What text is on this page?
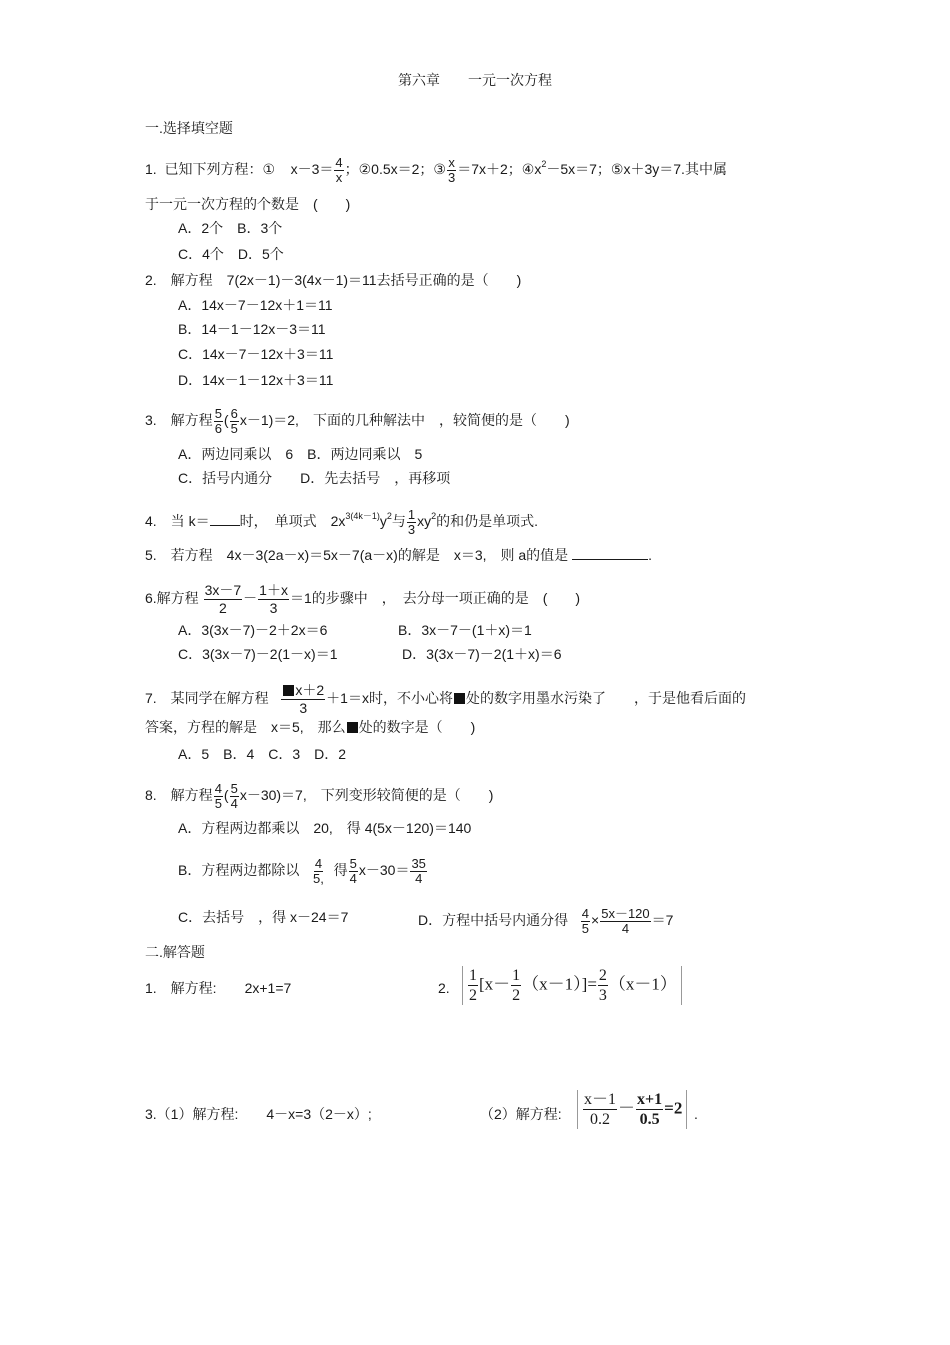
第六章 一元一次方程
一.选择填空题
1. 已知下列方程：① $x-3= \frac{4}{x}$ ；②0.5x＝2；③ $\frac{x}{3} =7x+2$；$④x^2-5x=7$；⑤x＋3y＝7.其中属
于一元一次方程的个数是　(　　)
A．2个　B．3个
C．4个　D．5个
2.　解方程　7(2x－1)－3(4x－1)＝11去括号正确的是（　　)
A．14x－7－12x＋1＝11
B．14－1－12x－3＝11
C．14x－7－12x＋3＝11
D．14x－1－12x＋3＝11
3.　解方程 $\frac{5}{6}$ ( $\frac{6}{5} x-1)=2$,　下面的几种解法中　，较简便的是（　　)
A．两边同乘以　6　B．两边同乘以　5
C．括号内通分　　D．先去括号　，再移项
4.　当 k＝ 时，　单项式　$2x^{3(4k-1)}y^2$与 $\frac{1}{3} xy^2$的和仍是单项式.
5.　若方程　4x－3(2a－x)＝5x－7(a－x)的解是　x＝3,　则 a的值是	.
6.解方程 $\frac{3x-7}{2} - \frac{1+x}{3} =1$的步骤中　，　去分母一项正确的是　(　　)
A．3(3x－7)－2＋2x＝6	B．3x－7－(1＋x)＝1
C．3(3x－7)－2(1－x)＝1	D．3(3x－7)－2(1＋x)＝6
7.　某同学在解方程 $\frac{x+2}{3} +1=x$时，不小心将 处的数字用墨水污染了　　，于是他看后面的
答案，方程的解是　x＝5,　那么 处的数字是（　　)
A．5　B．4　C．3　D．2
8.　解方程 $\frac{4}{5}$ ( $\frac{5}{4} x-30)=7$,　下列变形较简便的是（　　)
A．方程两边都乘以　20,　得 4(5x－120)＝140
B．方程两边都除以 $\frac{4}{5,}$ 得 $\frac{5}{4} x-30= \frac{35}{4}$
C．去括号　，得 x－24＝7	D．方程中括号内通分得 $\frac{4}{5} \times \frac{5x-120}{4} =7$
二.解答题
1.　解方程:　　2x+1=7	2. $\frac{1}{2} [x- \frac{1}{2} (x-1)]= \frac{2}{3} (x-1)$
3.（1）解方程:　　4－x=3（2－x）;	（2）解方程: $\frac{x-1}{0.2} - \frac{x+1}{0.5} =2$ .
